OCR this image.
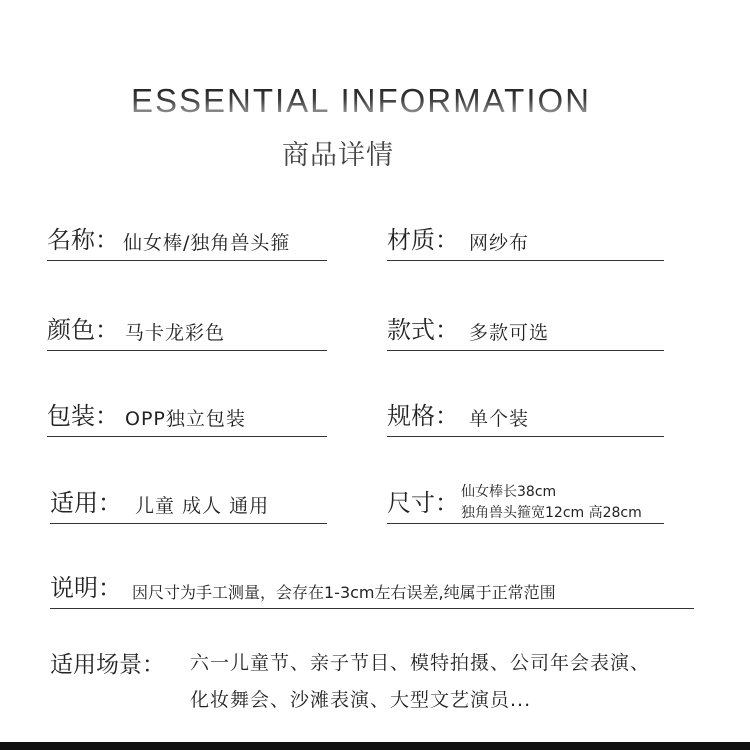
ESSENTIAL INFORMATION
商品详情
名称： 仙女棒/独角兽头箍	材质： 网纱布
颜色： 马卡龙彩色	款式： 多款可选
包装： OPP独立包装	规格： 单个装
适用： 儿童 成人 通用	尺寸： 仙女棒长38cm
独角兽头箍宽12cm 高28cm
说明： 因尺寸为手工测量，会存在1-3cm左右误差,纯属于正常范围
适用场景： 六一儿童节、亲子节目、模特拍摄、公司年会表演、
化妆舞会、沙滩表演、大型文艺演员...
